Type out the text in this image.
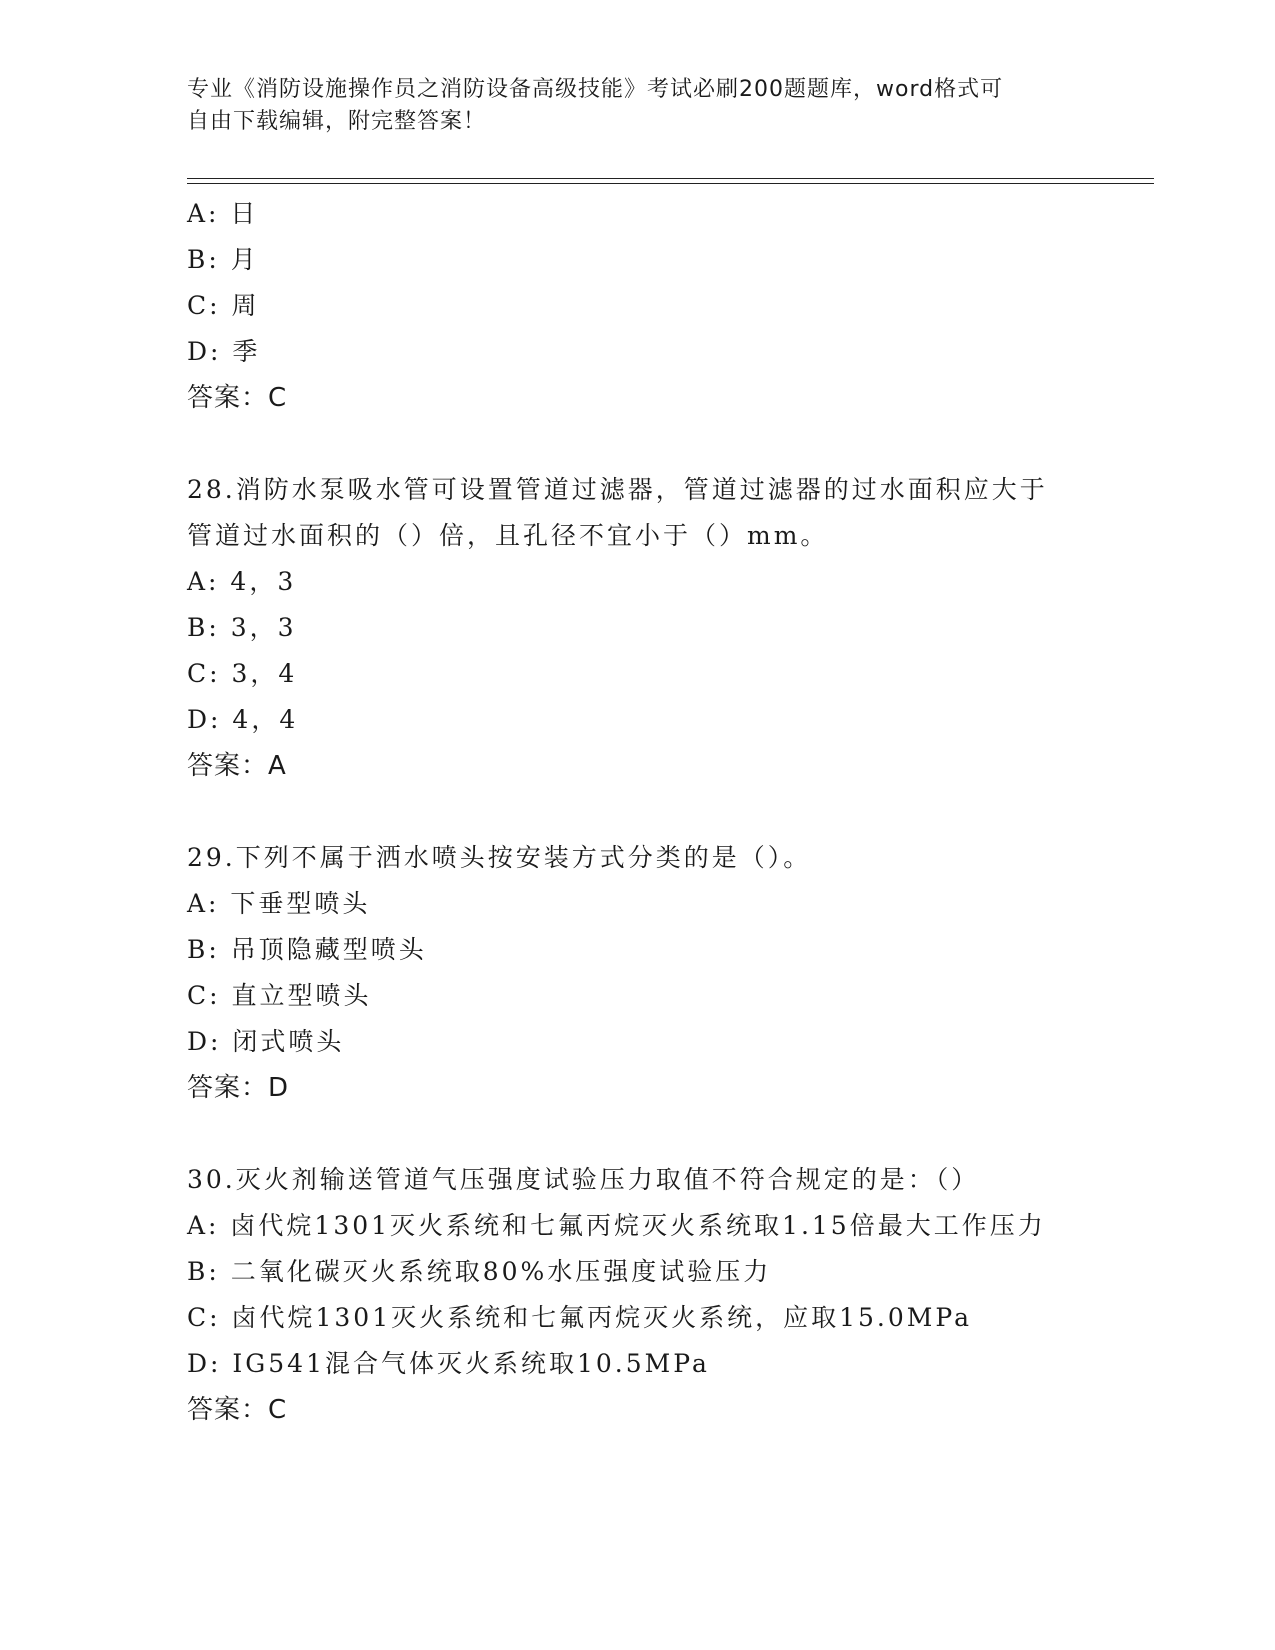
专业《消防设施操作员之消防设备高级技能》考试必刷200题题库，word格式可
自由下载编辑，附完整答案！
A: 日
B: 月
C: 周
D: 季
答案：C
28.消防水泵吸水管可设置管道过滤器，管道过滤器的过水面积应大于
管道过水面积的（）倍，且孔径不宜小于（）mm。
A: 4，3
B: 3，3
C: 3，4
D: 4，4
答案：A
29.下列不属于洒水喷头按安装方式分类的是（）。
A: 下垂型喷头
B: 吊顶隐藏型喷头
C: 直立型喷头
D: 闭式喷头
答案：D
30.灭火剂输送管道气压强度试验压力取值不符合规定的是：（）
A: 卤代烷1301灭火系统和七氟丙烷灭火系统取1.15倍最大工作压力
B: 二氧化碳灭火系统取80%水压强度试验压力
C: 卤代烷1301灭火系统和七氟丙烷灭火系统，应取15.0MPa
D: IG541混合气体灭火系统取10.5MPa
答案：C
